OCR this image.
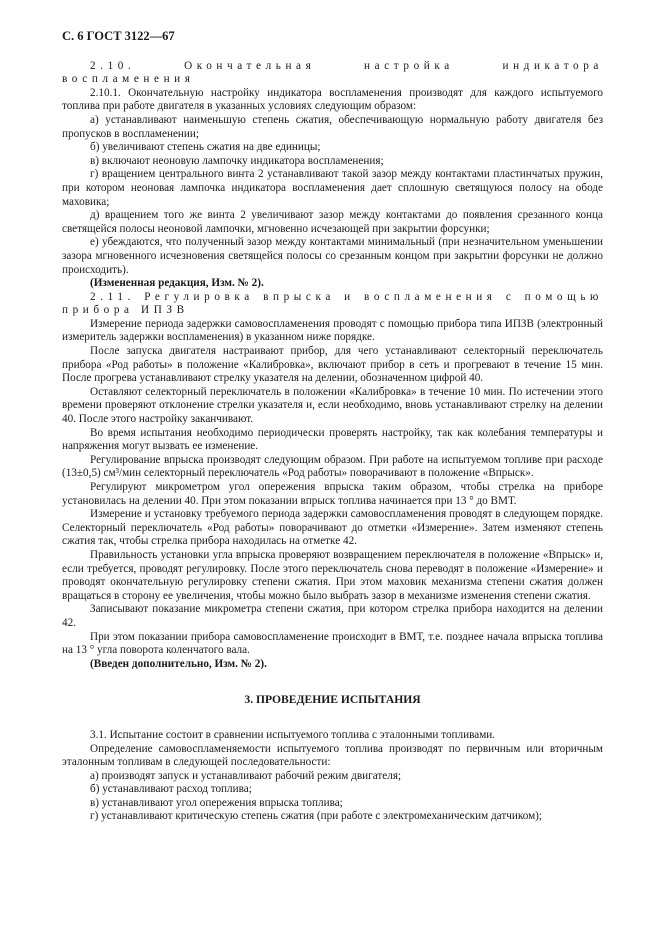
С. 6 ГОСТ 3122—67

2.10. Окончательная настройка индикатора воспламенения

2.10.1. Окончательную настройку индикатора воспламенения производят для каждого испытуемого топлива при работе двигателя в указанных условиях следующим образом:

а) устанавливают наименьшую степень сжатия, обеспечивающую нормальную работу двигателя без пропусков в воспламенении;

б) увеличивают степень сжатия на две единицы;

в) включают неоновую лампочку индикатора воспламенения;

г) вращением центрального винта 2 устанавливают такой зазор между контактами пластинчатых пружин, при котором неоновая лампочка индикатора воспламенения дает сплошную светящуюся полосу на ободе маховика;

д) вращением того же винта 2 увеличивают зазор между контактами до появления срезанного конца светящейся полосы неоновой лампочки, мгновенно исчезающей при закрытии форсунки;

е) убеждаются, что полученный зазор между контактами минимальный (при незначительном уменьшении зазора мгновенного исчезновения светящейся полосы со срезанным концом при закрытии форсунки не должно происходить).

(Измененная редакция, Изм. № 2).

2.11. Регулировка впрыска и воспламенения с помощью прибора ИПЗВ

Измерение периода задержки самовоспламенения проводят с помощью прибора типа ИПЗВ (электронный измеритель задержки воспламенения) в указанном ниже порядке.

После запуска двигателя настраивают прибор, для чего устанавливают селекторный переключатель прибора «Род работы» в положение «Калибровка», включают прибор в сеть и прогревают в течение 15 мин. После прогрева устанавливают стрелку указателя на делении, обозначенном цифрой 40.

Оставляют селекторный переключатель в положении «Калибровка» в течение 10 мин. По истечении этого времени проверяют отклонение стрелки указателя и, если необходимо, вновь устанавливают стрелку на делении 40. После этого настройку заканчивают.

Во время испытания необходимо периодически проверять настройку, так как колебания температуры и напряжения могут вызвать ее изменение.

Регулирование впрыска производят следующим образом. При работе на испытуемом топливе при расходе (13±0,5) см³/мин селекторный переключатель «Род работы» поворачивают в положение «Впрыск».

Регулируют микрометром угол опережения впрыска таким образом, чтобы стрелка на приборе установилась на делении 40. При этом показании впрыск топлива начинается при 13 ° до ВМТ.

Измерение и установку требуемого периода задержки самовоспламенения проводят в следующем порядке. Селекторный переключатель «Род работы» поворачивают до отметки «Измерение». Затем изменяют степень сжатия так, чтобы стрелка прибора находилась на отметке 42.

Правильность установки угла впрыска проверяют возвращением переключателя в положение «Впрыск» и, если требуется, проводят регулировку. После этого переключатель снова переводят в положение «Измерение» и проводят окончательную регулировку степени сжатия. При этом маховик механизма степени сжатия должен вращаться в сторону ее увеличения, чтобы можно было выбрать зазор в механизме изменения степени сжатия.

Записывают показание микрометра степени сжатия, при котором стрелка прибора находится на делении 42.

При этом показании прибора самовоспламенение происходит в ВМТ, т.е. позднее начала впрыска топлива на 13 ° угла поворота коленчатого вала.

(Введен дополнительно, Изм. № 2).

3. ПРОВЕДЕНИЕ ИСПЫТАНИЯ

3.1. Испытание состоит в сравнении испытуемого топлива с эталонными топливами.

Определение самовоспламеняемости испытуемого топлива производят по первичным или вторичным эталонным топливам в следующей последовательности:

а) производят запуск и устанавливают рабочий режим двигателя;

б) устанавливают расход топлива;

в) устанавливают угол опережения впрыска топлива;

г) устанавливают критическую степень сжатия (при работе с электромеханическим датчиком);
